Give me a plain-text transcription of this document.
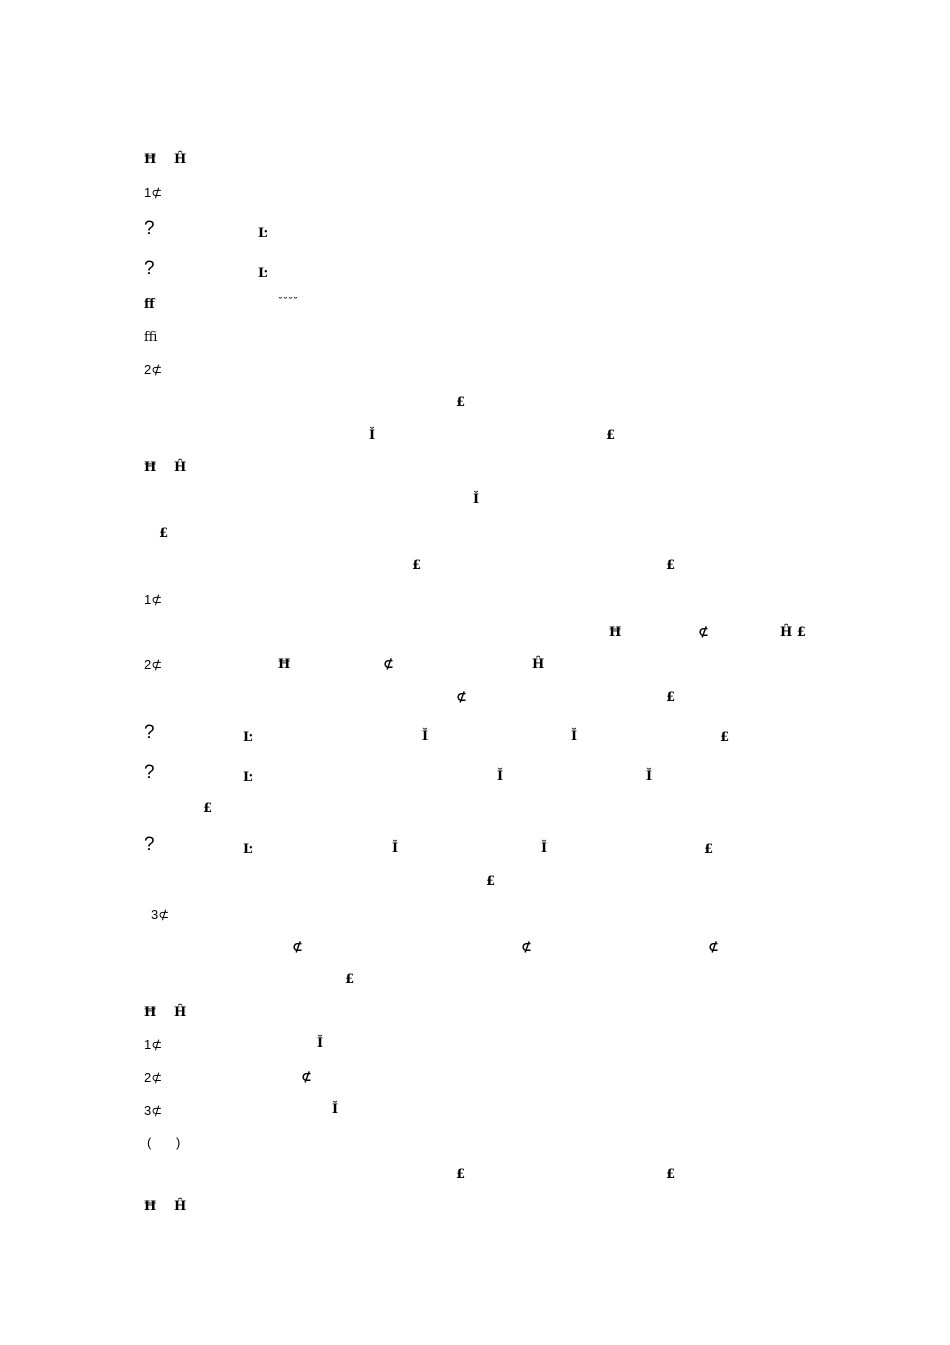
Ħ Ĥ
1⊄
?	Ŀ
?	Ŀ
ﬀ	˘˘˘˘
ﬃ
2⊄
£
Ĭ	£
Ħ Ĥ
Ĭ
£
£	£
1⊄
Ħ	⊄	Ĥ £
2⊄	Ħ	⊄	Ĥ
⊄	£
?	Ŀ	Ĭ	Ĭ	£
?	Ŀ	Ĭ	Ĭ
£
?	Ŀ	Ĭ	Ĭ	£
£
3⊄
⊄	⊄	⊄
£
Ħ Ĥ
1⊄	Ĭ
2⊄	⊄
3⊄	Ĭ
( )
£	£
Ħ Ĥ
